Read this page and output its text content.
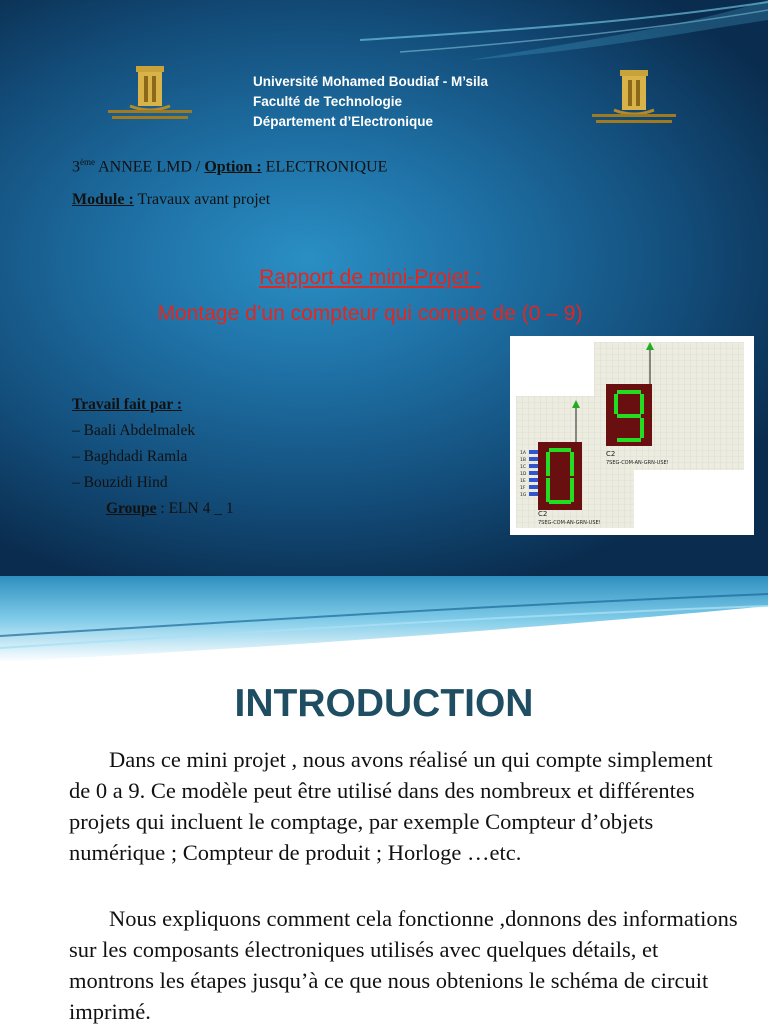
Université Mohamed Boudiaf - M’sila
Faculté de Technologie
Département d’Electronique
3ème ANNEE LMD / Option : ELECTRONIQUE
Module : Travaux avant projet
Rapport de mini-Projet :
Montage d’un compteur qui compte de (0 – 9)
Travail fait par :
– Baali Abdelmalek
– Baghdadi Ramla
– Bouzidi Hind
Groupe : ELN 4 _ 1
C2
7SEG-COM-AN-GRN-USE!
1A
1B
1C
1D
1E
1F
1G
C2
7SEG-COM-AN-GRN-USE!
INTRODUCTION

Dans ce mini projet , nous avons réalisé un qui compte simplement de 0 a 9. Ce modèle peut être utilisé dans des nombreux et différentes projets qui incluent le comptage, par exemple Compteur d’objets numérique ; Compteur de produit ; Horloge …etc.

Nous expliquons comment cela fonctionne ,donnons des informations sur les composants électroniques utilisés avec quelques détails, et montrons les étapes jusqu’à ce que nous obtenions le schéma de circuit imprimé.
